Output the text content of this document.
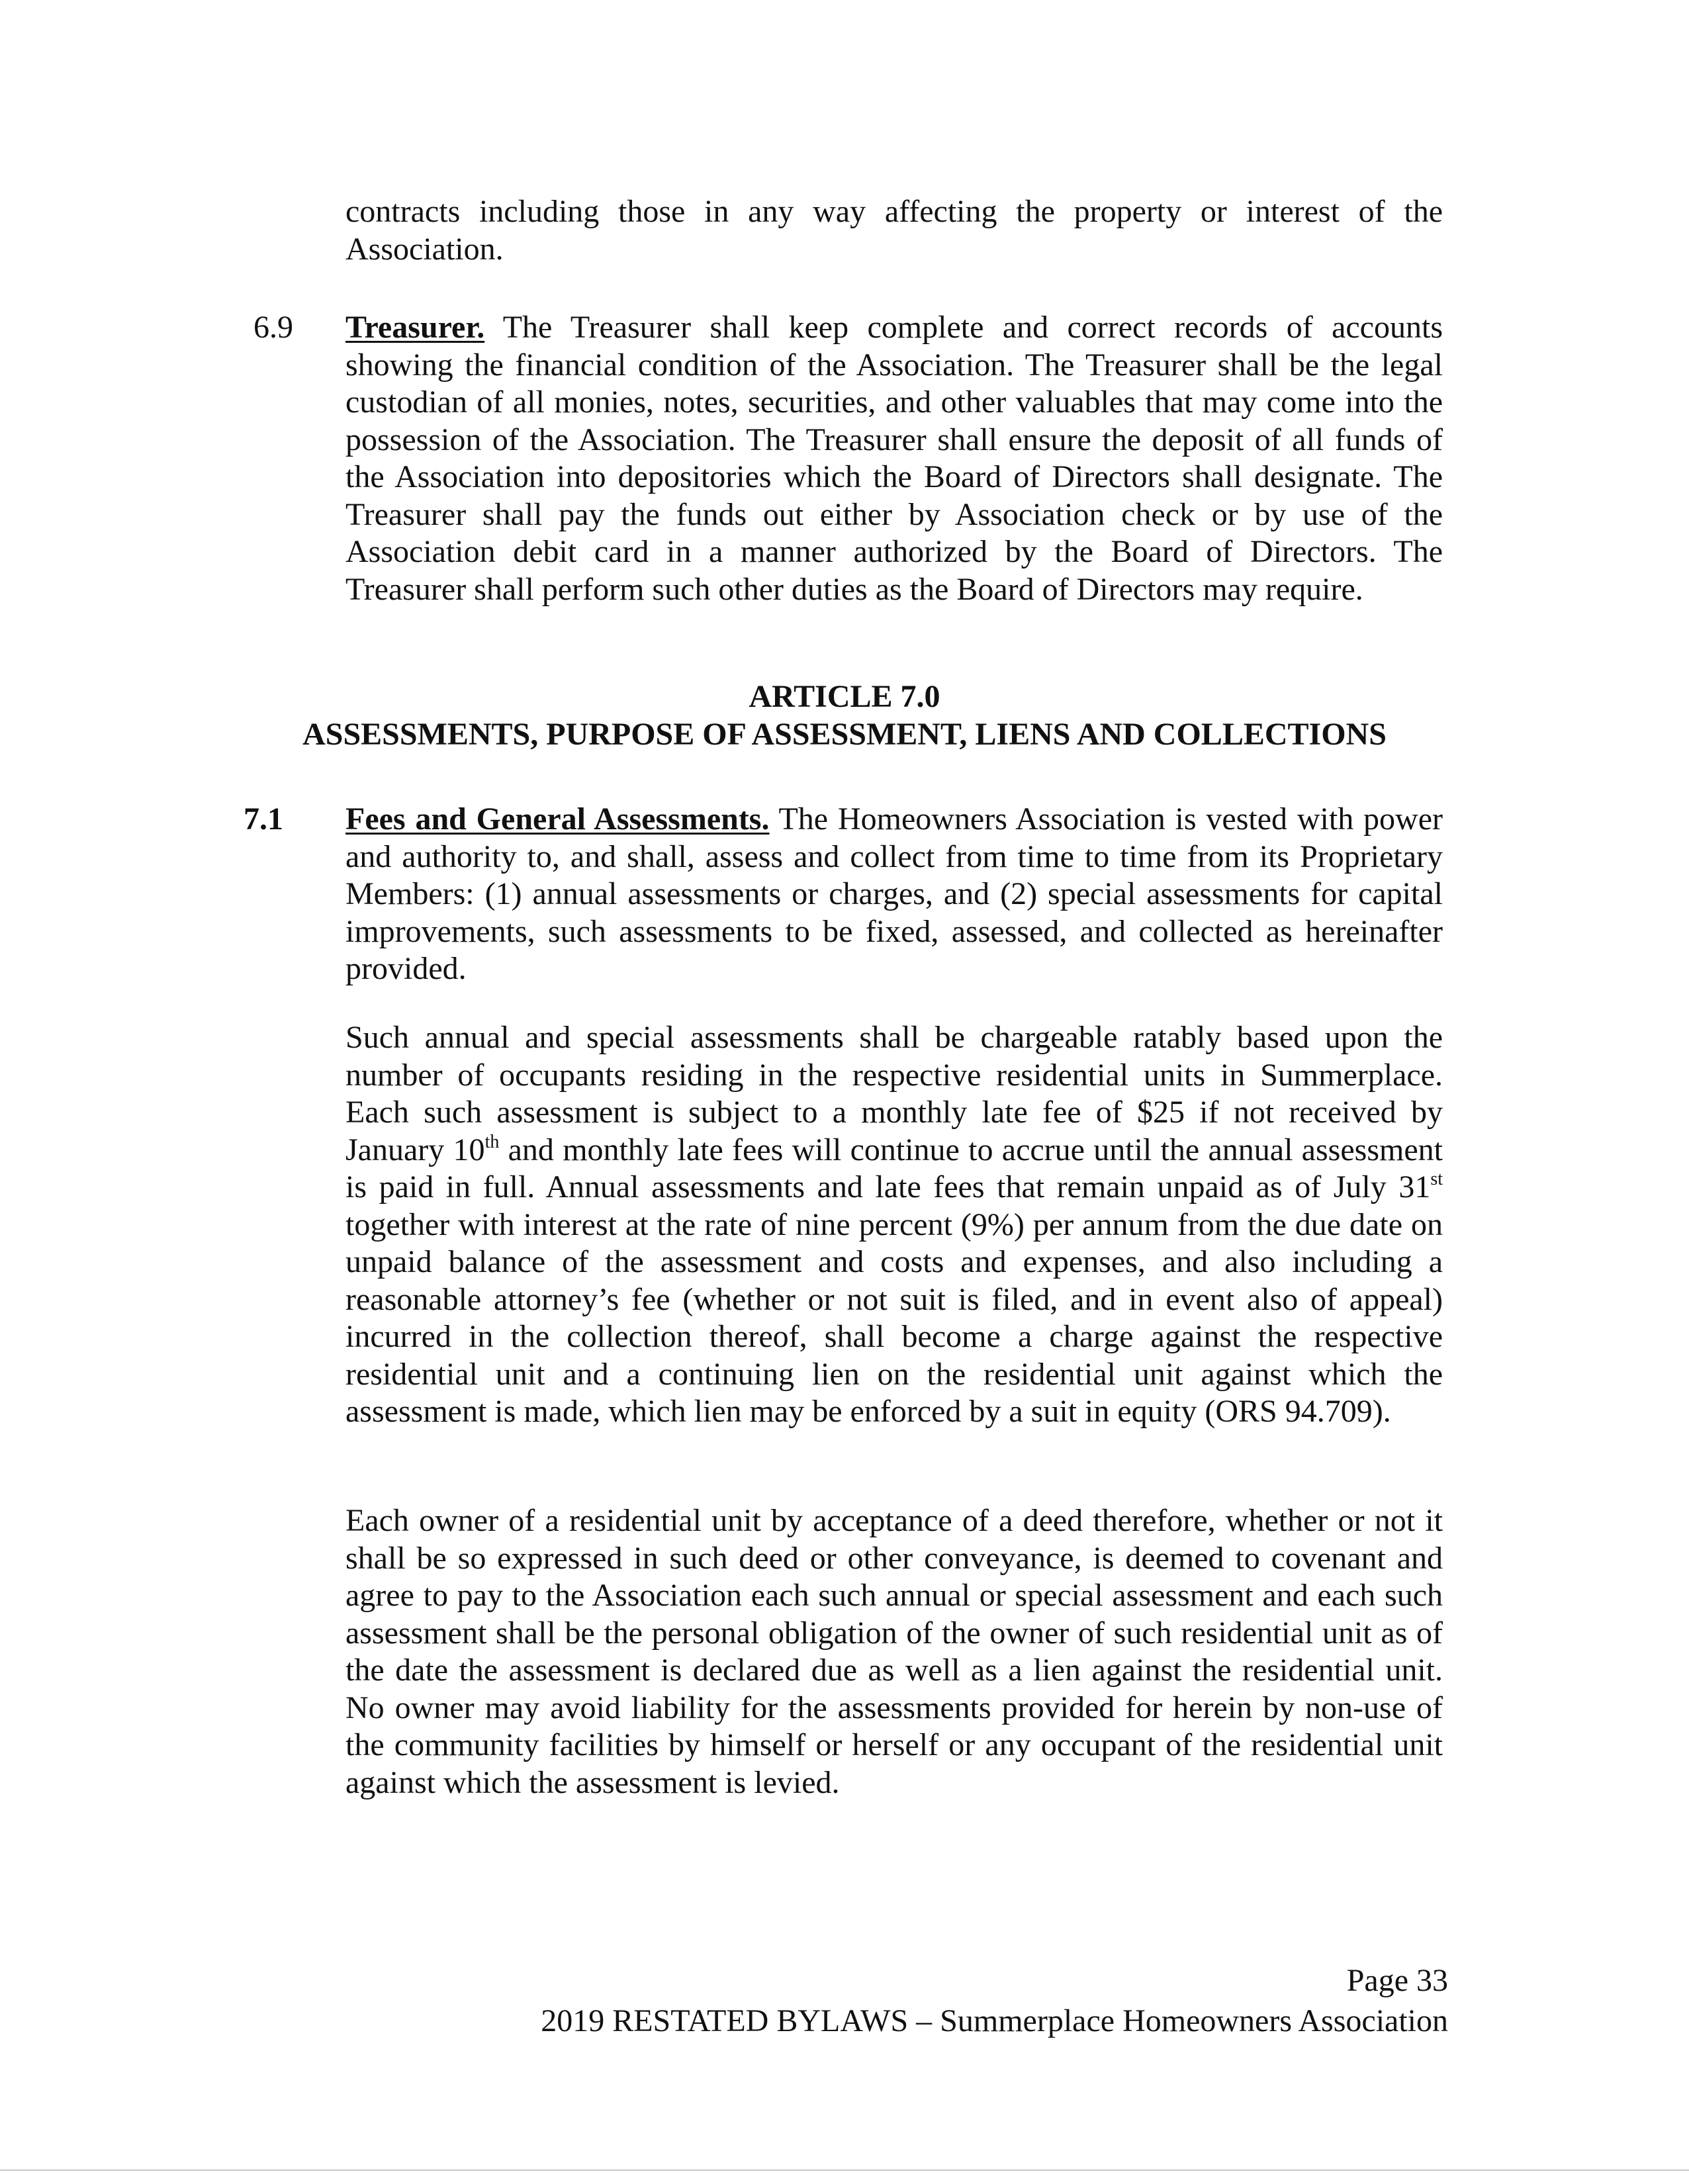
contracts including those in any way affecting the property or interest of the Association.

6.9 Treasurer. The Treasurer shall keep complete and correct records of accounts showing the financial condition of the Association. The Treasurer shall be the legal custodian of all monies, notes, securities, and other valuables that may come into the possession of the Association. The Treasurer shall ensure the deposit of all funds of the Association into depositories which the Board of Directors shall designate. The Treasurer shall pay the funds out either by Association check or by use of the Association debit card in a manner authorized by the Board of Directors. The Treasurer shall perform such other duties as the Board of Directors may require.

ARTICLE 7.0
ASSESSMENTS, PURPOSE OF ASSESSMENT, LIENS AND COLLECTIONS
7.1 Fees and General Assessments. The Homeowners Association is vested with power and authority to, and shall, assess and collect from time to time from its Proprietary Members: (1) annual assessments or charges, and (2) special assessments for capital improvements, such assessments to be fixed, assessed, and collected as hereinafter provided.

Such annual and special assessments shall be chargeable ratably based upon the number of occupants residing in the respective residential units in Summerplace. Each such assessment is subject to a monthly late fee of $25 if not received by January 10th and monthly late fees will continue to accrue until the annual assessment is paid in full. Annual assessments and late fees that remain unpaid as of July 31st together with interest at the rate of nine percent (9%) per annum from the due date on unpaid balance of the assessment and costs and expenses, and also including a reasonable attorney’s fee (whether or not suit is filed, and in event also of appeal) incurred in the collection thereof, shall become a charge against the respective residential unit and a continuing lien on the residential unit against which the assessment is made, which lien may be enforced by a suit in equity (ORS 94.709).

Each owner of a residential unit by acceptance of a deed therefore, whether or not it shall be so expressed in such deed or other conveyance, is deemed to covenant and agree to pay to the Association each such annual or special assessment and each such assessment shall be the personal obligation of the owner of such residential unit as of the date the assessment is declared due as well as a lien against the residential unit. No owner may avoid liability for the assessments provided for herein by non-use of the community facilities by himself or herself or any occupant of the residential unit against which the assessment is levied.

Page 33
2019 RESTATED BYLAWS – Summerplace Homeowners Association
